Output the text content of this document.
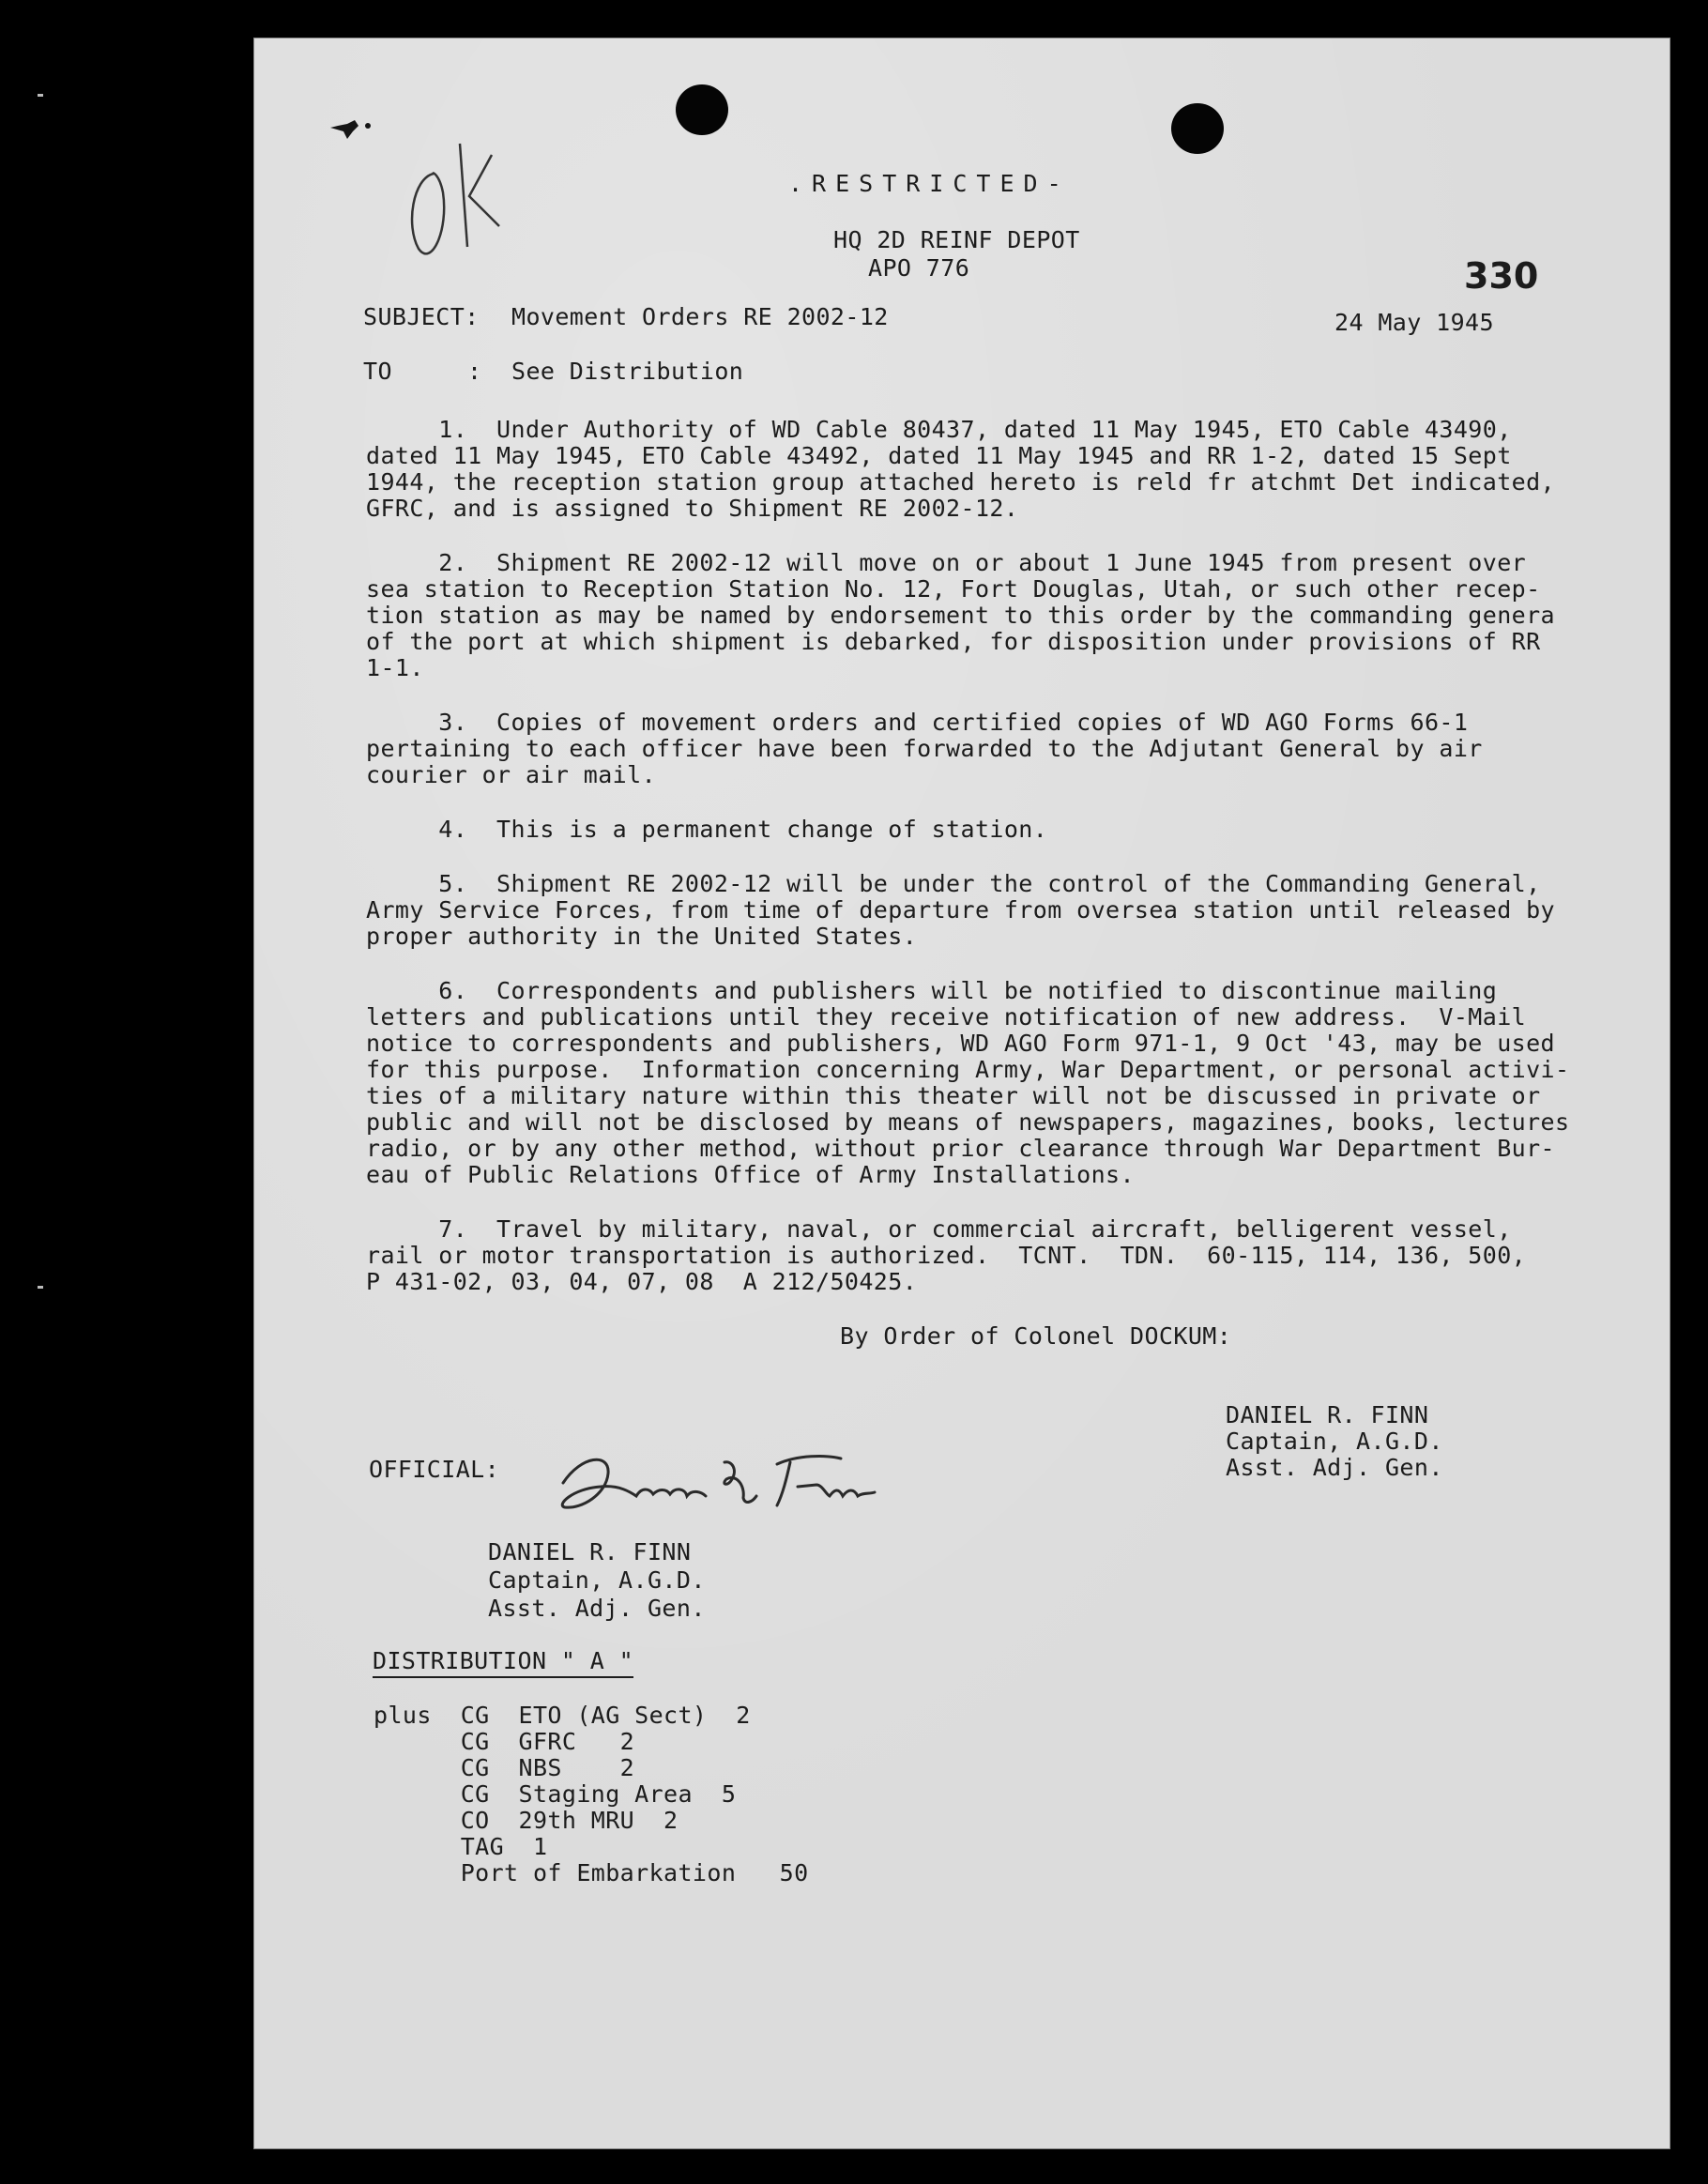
.RESTRICTED-
HQ 2D REINF DEPOT
APO 776	330
SUBJECT: Movement Orders RE 2002-12	24 May 1945
TO	: See Distribution
1.  Under Authority of WD Cable 80437, dated 11 May 1945, ETO Cable 43490,
dated 11 May 1945, ETO Cable 43492, dated 11 May 1945 and RR 1-2, dated 15 Sept
1944, the reception station group attached hereto is reld fr atchmt Det indicated,
GFRC, and is assigned to Shipment RE 2002-12.
2.  Shipment RE 2002-12 will move on or about 1 June 1945 from present over
sea station to Reception Station No. 12, Fort Douglas, Utah, or such other recep-
tion station as may be named by endorsement to this order by the commanding genera
of the port at which shipment is debarked, for disposition under provisions of RR
1-1.
3.  Copies of movement orders and certified copies of WD AGO Forms 66-1
pertaining to each officer have been forwarded to the Adjutant General by air
courier or air mail.
4.  This is a permanent change of station.
5.  Shipment RE 2002-12 will be under the control of the Commanding General,
Army Service Forces, from time of departure from oversea station until released by
proper authority in the United States.
6.  Correspondents and publishers will be notified to discontinue mailing
letters and publications until they receive notification of new address.  V-Mail
notice to correspondents and publishers, WD AGO Form 971-1, 9 Oct '43, may be used
for this purpose.  Information concerning Army, War Department, or personal activi-
ties of a military nature within this theater will not be discussed in private or
public and will not be disclosed by means of newspapers, magazines, books, lectures
radio, or by any other method, without prior clearance through War Department Bur-
eau of Public Relations Office of Army Installations.
7.  Travel by military, naval, or commercial aircraft, belligerent vessel,
rail or motor transportation is authorized.  TCNT.  TDN.  60-115, 114, 136, 500,
P 431-02, 03, 04, 07, 08  A 212/50425.
By Order of Colonel DOCKUM:
DANIEL R. FINN
Captain, A.G.D.
Asst. Adj. Gen.
OFFICIAL:
DANIEL R. FINN
Captain, A.G.D.
Asst. Adj. Gen.
DISTRIBUTION " A "
plus  CG  ETO (AG Sect)  2
CG  GFRC   2
CG  NBS    2
CG  Staging Area  5
CO  29th MRU  2
TAG  1
Port of Embarkation   50
